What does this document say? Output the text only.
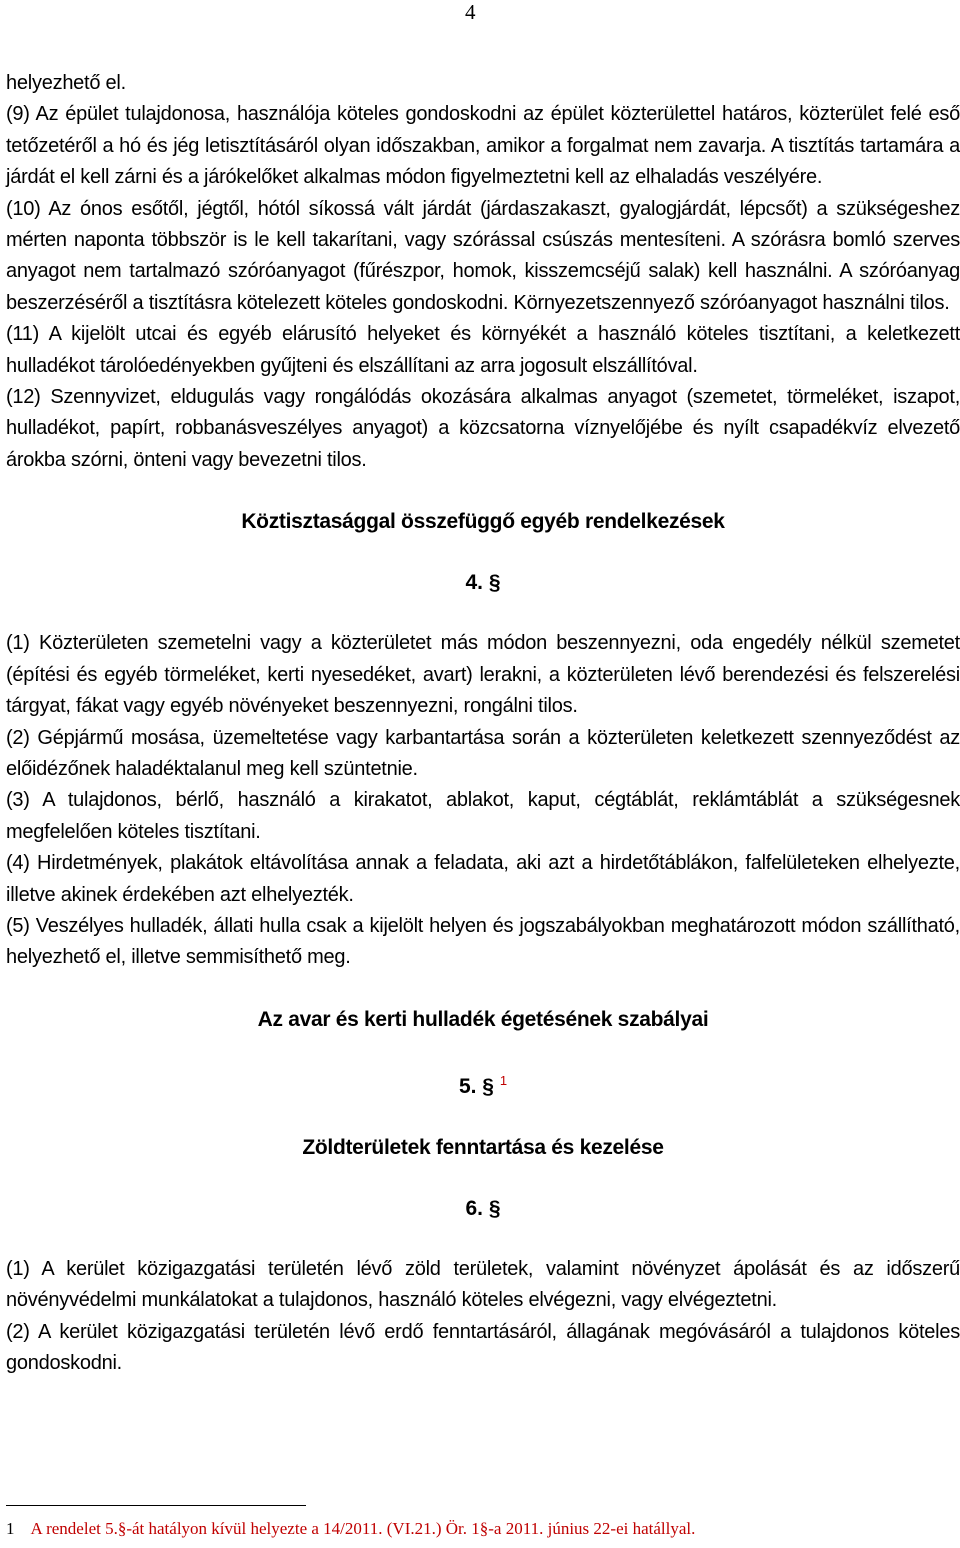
4

helyezhető el.

(9) Az épület tulajdonosa, használója köteles gondoskodni az épület közterülettel határos, közterület felé eső tetőzetéről a hó és jég letisztításáról olyan időszakban, amikor a forgalmat nem zavarja. A tisztítás tartamára a járdát el kell zárni és a járókelőket alkalmas módon figyelmeztetni kell az elhaladás veszélyére.

(10) Az ónos esőtől, jégtől, hótól síkossá vált járdát (járdaszakaszt, gyalogjárdát, lépcsőt) a szükségeshez mérten naponta többször is le kell takarítani, vagy szórással csúszás mentesíteni. A szórásra bomló szerves anyagot nem tartalmazó szóróanyagot (fűrészpor, homok, kisszemcséjű salak) kell használni. A szóróanyag beszerzéséről a tisztításra kötelezett köteles gondoskodni. Környezetszennyező szóróanyagot használni tilos.

(11) A kijelölt utcai és egyéb elárusító helyeket és környékét a használó köteles tisztítani, a keletkezett hulladékot tárolóedényekben gyűjteni és elszállítani az arra jogosult elszállítóval.

(12) Szennyvizet, eldugulás vagy rongálódás okozására alkalmas anyagot (szemetet, törmeléket, iszapot, hulladékot, papírt, robbanásveszélyes anyagot) a közcsatorna víznyelőjébe és nyílt csapadékvíz elvezető árokba szórni, önteni vagy bevezetni tilos.

Köztisztasággal összefüggő egyéb rendelkezések

4. §

(1) Közterületen szemetelni vagy a közterületet más módon beszennyezni, oda engedély nélkül szemetet (építési és egyéb törmeléket, kerti nyesedéket, avart) lerakni, a közterületen lévő berendezési és felszerelési tárgyat, fákat vagy egyéb növényeket beszennyezni, rongálni tilos.

(2) Gépjármű mosása, üzemeltetése vagy karbantartása során a közterületen keletkezett szennyeződést az előidézőnek haladéktalanul meg kell szüntetnie.

(3) A tulajdonos, bérlő, használó a kirakatot, ablakot, kaput, cégtáblát, reklámtáblát a szükségesnek megfelelően köteles tisztítani.

(4) Hirdetmények, plakátok eltávolítása annak a feladata, aki azt a hirdetőtáblákon, falfelületeken elhelyezte, illetve akinek érdekében azt elhelyezték.

(5) Veszélyes hulladék, állati hulla csak a kijelölt helyen és jogszabályokban meghatározott módon szállítható, helyezhető el, illetve semmisíthető meg.

Az avar és kerti hulladék égetésének szabályai

5. § $^1$

Zöldterületek fenntartása és kezelése

6. §

(1) A kerület közigazgatási területén lévő zöld területek, valamint növényzet ápolását és az időszerű növényvédelmi munkálatokat a tulajdonos, használó köteles elvégezni, vagy elvégeztetni.

(2) A kerület közigazgatási területén lévő erdő fenntartásáról, állagának megóvásáról a tulajdonos köteles gondoskodni.

1 A rendelet 5.§-át hatályon kívül helyezte a 14/2011. (VI.21.) Ör. 1§-a 2011. június 22-ei hatállyal.
